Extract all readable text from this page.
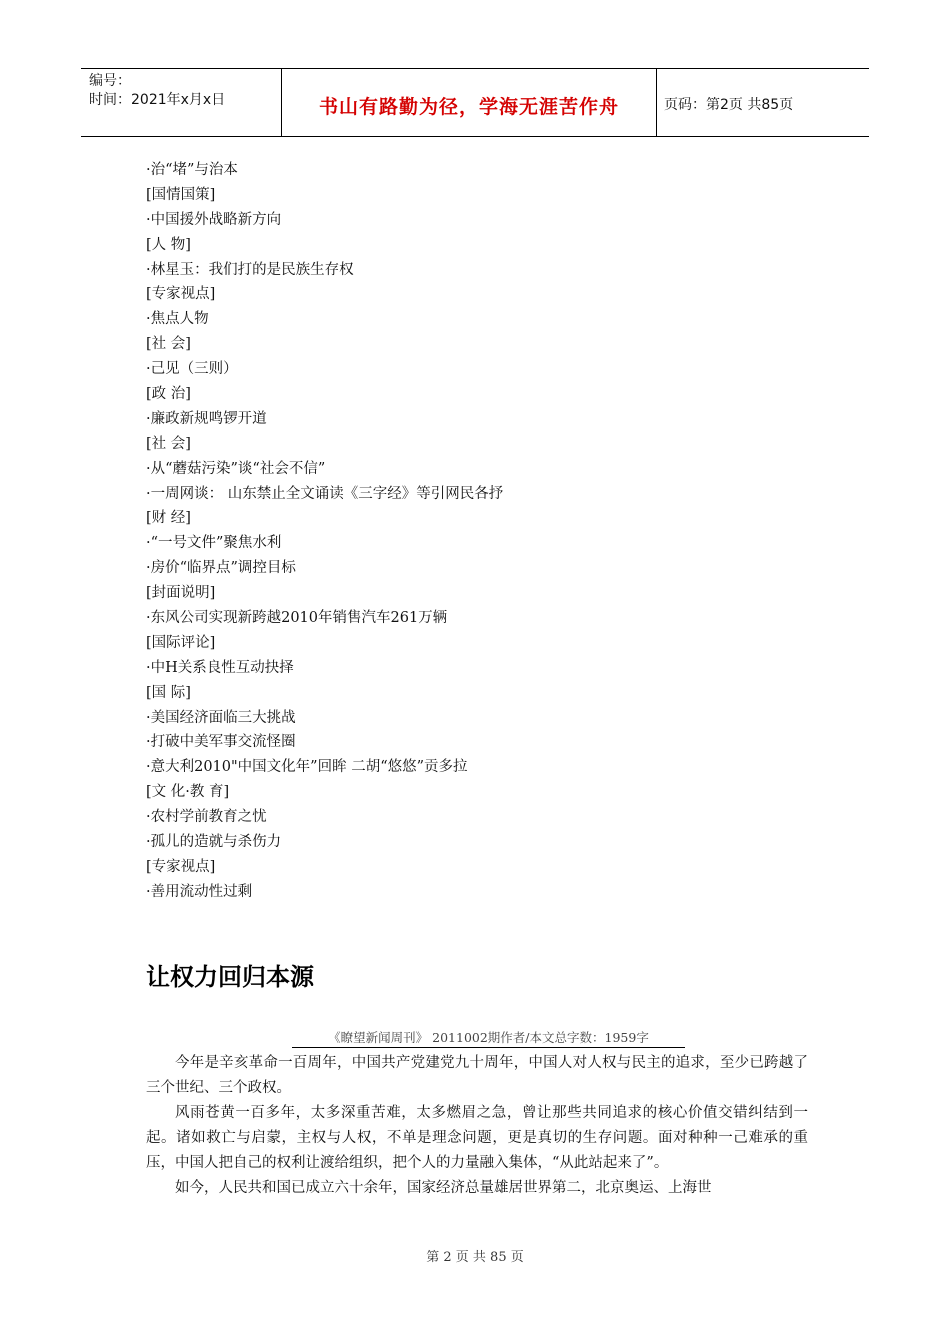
编号：
时间：2021年x月x日	书山有路勤为径，学海无涯苦作舟	页码：第2页 共85页
·治“堵”与治本
[国情国策]
·中国援外战略新方向
[人 物]
·林星玉：我们打的是民族生存权
[专家视点]
·焦点人物
[社 会]
·己见（三则）
[政 治]
·廉政新规鸣锣开道
[社 会]
·从“蘑菇污染”谈“社会不信”
·一周网谈： 山东禁止全文诵读《三字经》等引网民各抒
[财 经]
·“一号文件”聚焦水利
·房价“临界点”调控目标
[封面说明]
·东风公司实现新跨越2010年销售汽车261万辆
[国际评论]
·中H关系良性互动抉择
[国 际]
·美国经济面临三大挑战
·打破中美军事交流怪圈
·意大利2010"中国文化年”回眸 二胡“悠悠”贡多拉
[文 化·教 育]
·农村学前教育之忧
·孤儿的造就与杀伤力
[专家视点]
·善用流动性过剩
让权力回归本源
《瞭望新闻周刊》 2011002期作者/本文总字数：1959字

今年是辛亥革命一百周年，中国共产党建党九十周年，中国人对人权与民主的追求，至少已跨越了三个世纪、三个政权。

风雨苍黄一百多年，太多深重苦难，太多燃眉之急，曾让那些共同追求的核心价值交错纠结到一起。诸如救亡与启蒙，主权与人权，不单是理念问题，更是真切的生存问题。面对种种一己难承的重压，中国人把自己的权利让渡给组织，把个人的力量融入集体，“从此站起来了”。

如今，人民共和国已成立六十余年，国家经济总量雄居世界第二，北京奥运、上海世

第 2 页 共 85 页
